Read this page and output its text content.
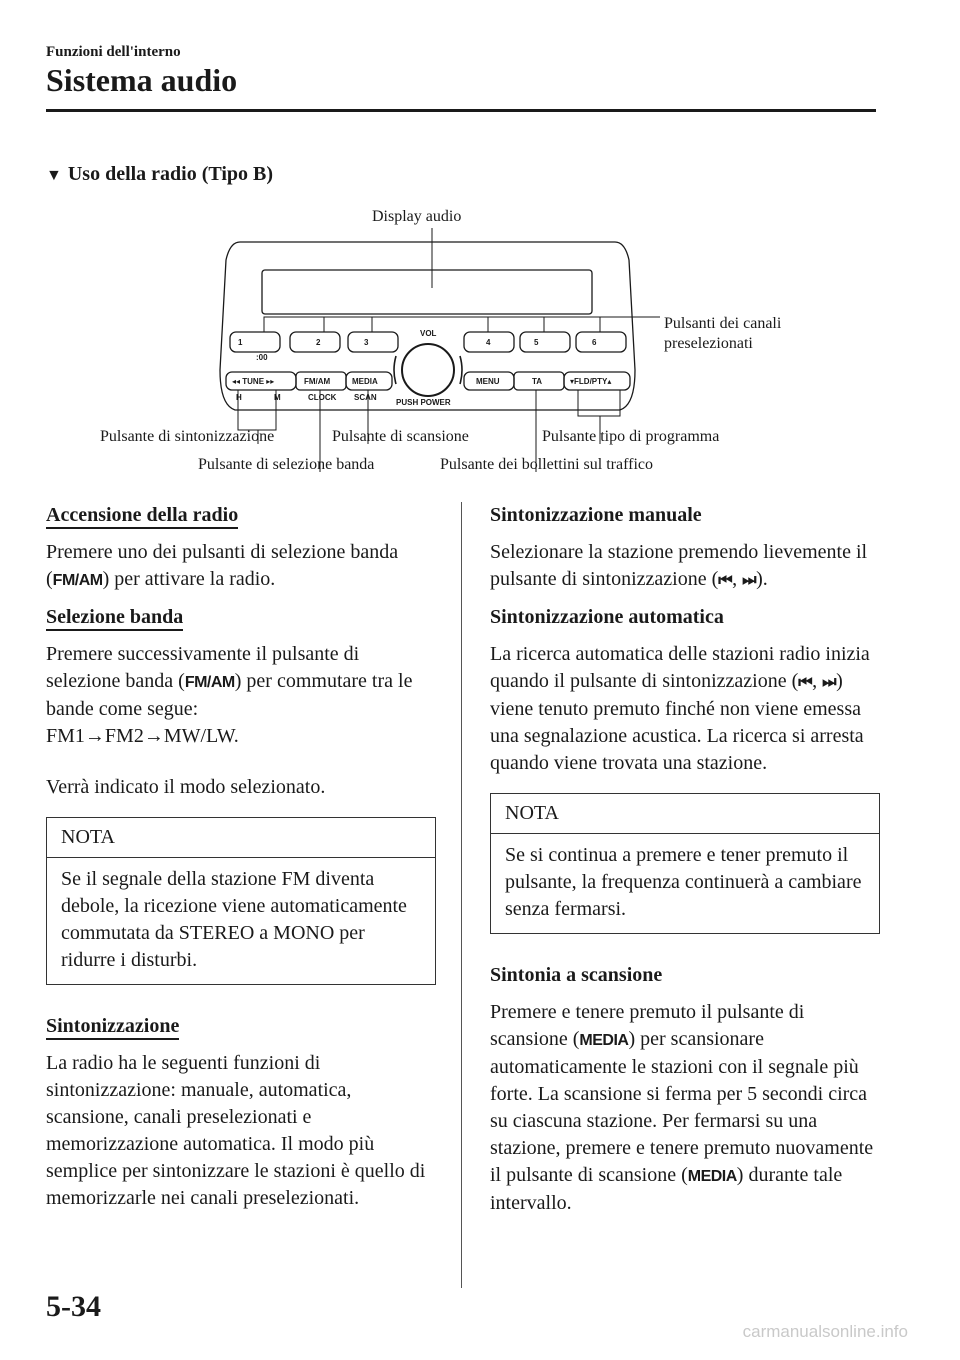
Funzioni dell'interno
Sistema audio
▼ Uso della radio (Tipo B)
1
:00
2	3	4	5	6
VOL
PUSH POWER
◂◂ TUNE ▸▸	FM/AM	MEDIA	MENU	TA	▾FLD/PTY▴
H	M	CLOCK SCAN
Display audio
Pulsanti dei canali
preselezionati
Pulsante di sintonizzazione	Pulsante di scansione	Pulsante tipo di programma
Pulsante di selezione banda	Pulsante dei bollettini sul traffico
Accensione della radio
Premere uno dei pulsanti di selezione banda (FM/AM) per attivare la radio.
Selezione banda
Premere successivamente il pulsante di selezione banda (FM/AM) per commutare tra le bande come segue:
FM1→FM2→MW/LW.
Verrà indicato il modo selezionato.
NOTA
Se il segnale della stazione FM diventa debole, la ricezione viene automaticamente commutata da STEREO a MONO per ridurre i disturbi.
Sintonizzazione
La radio ha le seguenti funzioni di sintonizzazione: manuale, automatica, scansione, canali preselezionati e memorizzazione automatica. Il modo più semplice per sintonizzare le stazioni è quello di memorizzarle nei canali preselezionati.
Sintonizzazione manuale
Selezionare la stazione premendo lievemente il pulsante di sintonizzazione (⏮, ⏭).
Sintonizzazione automatica
La ricerca automatica delle stazioni radio inizia quando il pulsante di sintonizzazione (⏮, ⏭) viene tenuto premuto finché non viene emessa una segnalazione acustica. La ricerca si arresta quando viene trovata una stazione.
NOTA
Se si continua a premere e tener premuto il pulsante, la frequenza continuerà a cambiare senza fermarsi.
Sintonia a scansione
Premere e tenere premuto il pulsante di scansione (MEDIA) per scansionare automaticamente le stazioni con il segnale più forte. La scansione si ferma per 5 secondi circa su ciascuna stazione. Per fermarsi su una stazione, premere e tenere premuto nuovamente il pulsante di scansione (MEDIA) durante tale intervallo.
5-34
carmanualsonline.info
